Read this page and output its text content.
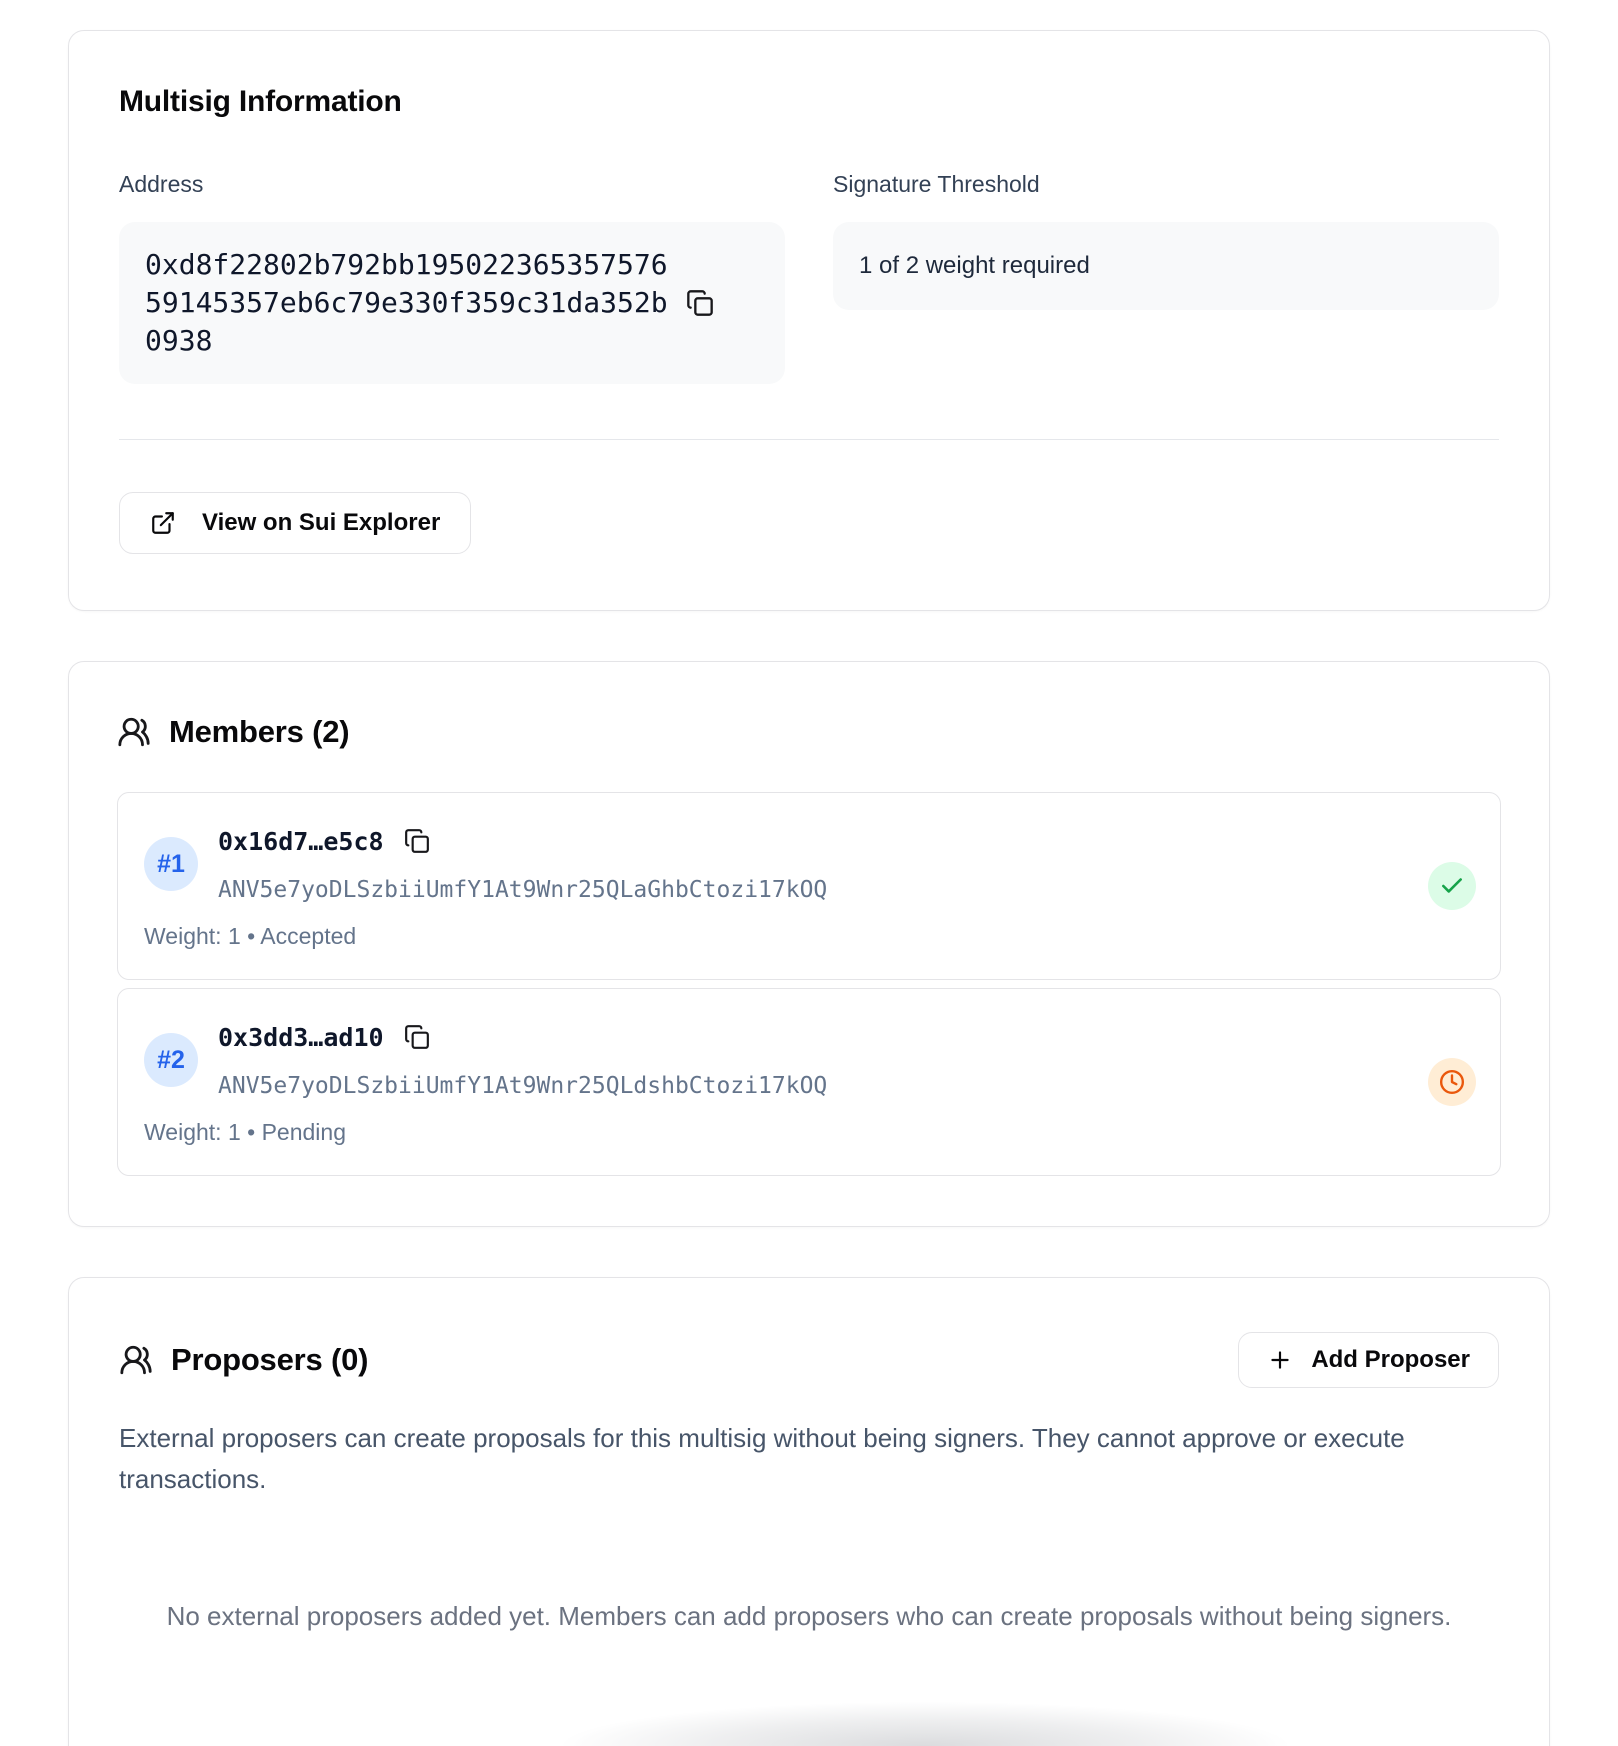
Multisig Information
Address
0xd8f22802b792bb19502236535757659145357eb6c79e330f359c31da352b0938
Signature Threshold
1 of 2 weight required
View on Sui Explorer
Members (2)
#1
0x16d7…e5c8
ANV5e7yoDLSzbiiUmfY1At9Wnr25QLaGhbCtozi17kOQ
Weight: 1 • Accepted
#2
0x3dd3…ad10
ANV5e7yoDLSzbiiUmfY1At9Wnr25QLdshbCtozi17kOQ
Weight: 1 • Pending
Proposers (0)	Add Proposer

External proposers can create proposals for this multisig without being signers. They cannot approve or execute transactions.

No external proposers added yet. Members can add proposers who can create proposals without being signers.
